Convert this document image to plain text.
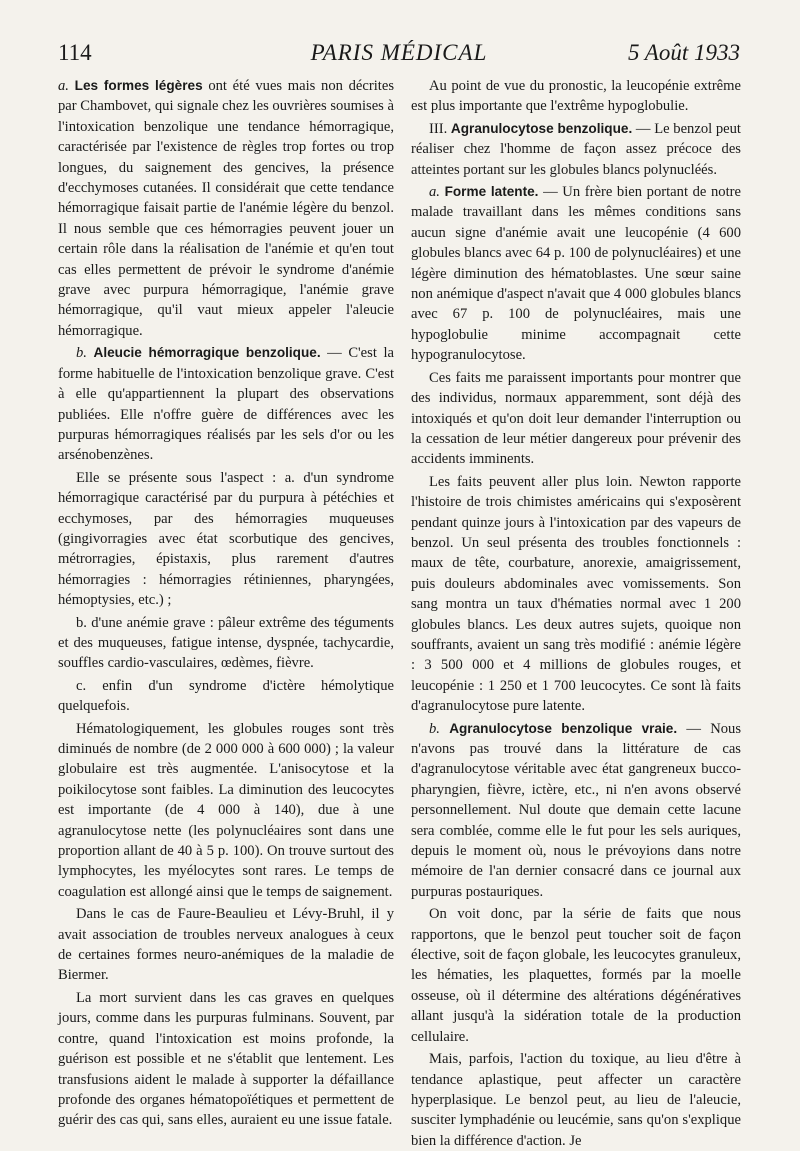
114	PARIS MÉDICAL	5 Août 1933

a. Les formes légères ont été vues mais non décrites par Chambovet, qui signale chez les ouvrières soumises à l'intoxication benzolique une tendance hémorragique, caractérisée par l'existence de règles trop fortes ou trop longues, du saignement des gencives, la présence d'ecchymoses cutanées. Il considérait que cette tendance hémorragique faisait partie de l'anémie légère du benzol. Il nous semble que ces hémorragies peuvent jouer un certain rôle dans la réalisation de l'anémie et qu'en tout cas elles permettent de prévoir le syndrome d'anémie grave avec purpura hémorragique, l'anémie grave hémorragique, qu'il vaut mieux appeler l'aleucie hémorragique.

b. Aleucie hémorragique benzolique. — C'est la forme habituelle de l'intoxication benzolique grave. C'est à elle qu'appartiennent la plupart des observations publiées. Elle n'offre guère de différences avec les purpuras hémorragiques réalisés par les sels d'or ou les arsénobenzènes.

Elle se présente sous l'aspect : a. d'un syndrome hémorragique caractérisé par du purpura à pétéchies et ecchymoses, par des hémorragies muqueuses (gingivorragies avec état scorbutique des gencives, métrorragies, épistaxis, plus rarement d'autres hémorragies : hémorragies rétiniennes, pharyngées, hémoptysies, etc.) ;

b. d'une anémie grave : pâleur extrême des téguments et des muqueuses, fatigue intense, dyspnée, tachycardie, souffles cardio-vasculaires, œdèmes, fièvre.

c. enfin d'un syndrome d'ictère hémolytique quelquefois.

Hématologiquement, les globules rouges sont très diminués de nombre (de 2 000 000 à 600 000) ; la valeur globulaire est très augmentée. L'anisocytose et la poikilocytose sont faibles. La diminution des leucocytes est importante (de 4 000 à 140), due à une agranulocytose nette (les polynucléaires sont dans une proportion allant de 40 à 5 p. 100). On trouve surtout des lymphocytes, les myélocytes sont rares. Le temps de coagulation est allongé ainsi que le temps de saignement.

Dans le cas de Faure-Beaulieu et Lévy-Bruhl, il y avait association de troubles nerveux analogues à ceux de certaines formes neuro-anémiques de la maladie de Biermer.

La mort survient dans les cas graves en quelques jours, comme dans les purpuras fulminans. Souvent, par contre, quand l'intoxication est moins profonde, la guérison est possible et ne s'établit que lentement. Les transfusions aident le malade à supporter la défaillance profonde des organes hématopoïétiques et permettent de guérir des cas qui, sans elles, auraient eu une issue fatale.

Au point de vue du pronostic, la leucopénie extrême est plus importante que l'extrême hypoglobulie.

III. Agranulocytose benzolique. — Le benzol peut réaliser chez l'homme de façon assez précoce des atteintes portant sur les globules blancs polynucléés.

a. Forme latente. — Un frère bien portant de notre malade travaillant dans les mêmes conditions sans aucun signe d'anémie avait une leucopénie (4 600 globules blancs avec 64 p. 100 de polynucléaires) et une légère diminution des hématoblastes. Une sœur saine non anémique d'aspect n'avait que 4 000 globules blancs avec 67 p. 100 de polynucléaires, mais une hypoglobulie minime accompagnait cette hypogranulocytose.

Ces faits me paraissent importants pour montrer que des individus, normaux apparemment, sont déjà des intoxiqués et qu'on doit leur demander l'interruption ou la cessation de leur métier dangereux pour prévenir des accidents imminents.

Les faits peuvent aller plus loin. Newton rapporte l'histoire de trois chimistes américains qui s'exposèrent pendant quinze jours à l'intoxication par des vapeurs de benzol. Un seul présenta des troubles fonctionnels : maux de tête, courbature, anorexie, amaigrissement, puis douleurs abdominales avec vomissements. Son sang montra un taux d'hématies normal avec 1 200 globules blancs. Les deux autres sujets, quoique non souffrants, avaient un sang très modifié : anémie légère : 3 500 000 et 4 millions de globules rouges, et leucopénie : 1 250 et 1 700 leucocytes. Ce sont là faits d'agranulocytose pure latente.

b. Agranulocytose benzolique vraie. — Nous n'avons pas trouvé dans la littérature de cas d'agranulocytose véritable avec état gangreneux bucco-pharyngien, fièvre, ictère, etc., ni n'en avons observé personnellement. Nul doute que demain cette lacune sera comblée, comme elle le fut pour les sels auriques, depuis le moment où, nous le prévoyions dans notre mémoire de l'an dernier consacré dans ce journal aux purpuras postauriques.

On voit donc, par la série de faits que nous rapportons, que le benzol peut toucher soit de façon élective, soit de façon globale, les leucocytes granuleux, les hématies, les plaquettes, formés par la moelle osseuse, où il détermine des altérations dégénératives allant jusqu'à la sidération totale de la production cellulaire.

Mais, parfois, l'action du toxique, au lieu d'être à tendance aplastique, peut affecter un caractère hyperplasique. Le benzol peut, au lieu de l'aleucie, susciter lymphadénie ou leucémie, sans qu'on s'explique bien la différence d'action. Je
